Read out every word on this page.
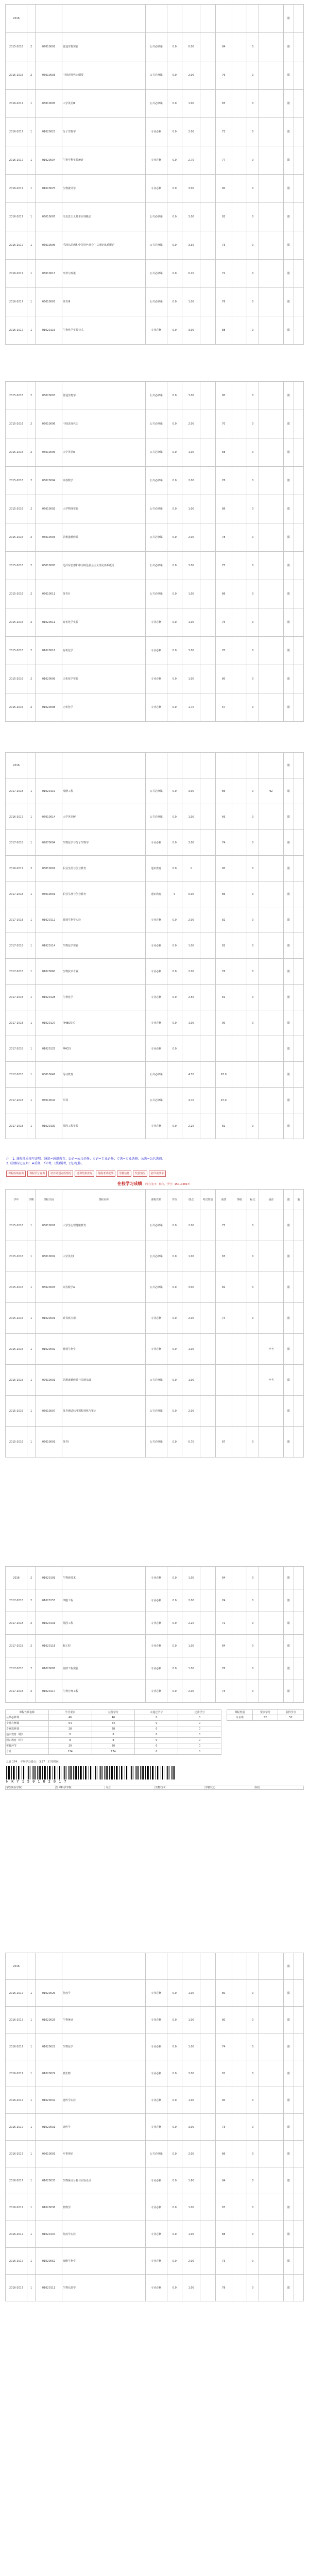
2016												限	
2015-2016	2	07010002	普通生物实验	公共必修课	0.0	0.00		84		0		限	
2015-2016	2	06010003	中国近现代史纲要	公共必修课	0.0	2.00		76		0		限	
2016-2017	1	06010005	大学英语III	公共必修课	0.0	1.00		83		0		限	
2016-2017	1	01020023	分子生物学	专业必修	0.0	2.00		72		0		限	
2016-2017	1	01020034	生物学科实验统计	专业必修	0.0	2.70		77		0		限	
2016-2017	1	01020025	生物统计学	专业必修	0.0	3.00		80		0		限	
2016-2017	1	06010007	马克思主义基本原理概论	公共必修课	0.0	3.00		82		0		限	
2016-2017	1	06010006	毛泽东思想和中国特色社会主义理论体系概论	公共必修课	0.0	3.30		73		0		限	
2016-2017	1	06010013	形势与政策	公共必修课	0.0	0.20		72		0		限	
2016-2017	1	06010003	体育III	公共必修课	0.0	1.00		76		0		限	
2016-2017	1	01020116	生物化学实验技术	专业必修	0.0	3.00		88		0		限	
2015-2016	2	06020003	普通生物学	公共必修课	0.0	3.00		80		0		限	
2015-2016	2	06010006	中国近现代史	公共必修课	0.0	2.00		70		0		限	
2015-2016	2	06010005	大学英语II	公共必修课	0.0	1.00		68		0		限	
2015-2016	2	06020004	高等数学	公共必修课	0.0	2.00		76		0		限	
2015-2016	2	06010002	大学物理实验	公共必修课	0.0	1.00		86		0		限	
2015-2016	2	06010003	思想道德修养	公共必修课	0.0	2.00		78		0		限	
2015-2016	2	06010005	毛泽东思想和中国特色社会主义理论体系概论	公共必修课	0.0	3.00		75		0		限	
2015-2016	2	06010011	体育II	公共必修课	0.0	1.00		86		0		限	
2015-2016	2	01020011	有机化学实验	专业必修	0.0	1.00		75		0		限	
2015-2016	2	01020016	有机化学	专业必修	0.0	3.00		70		0		限	
2015-2016	2	01020009	无机化学实验	专业必修	0.0	1.00		80		0		限	
2015-2016	2	01020008	无机化学	专业必修	0.0	1.70		67		0		限	
2016												限	
2017-2018	1	01020119	发酵工程	公共必修课	0.0	3.00		86		0	92	限	
2016-2017	1	06010014	大学英语IV	公共必修课	0.0	1.00		66		0		限	
2017-2018	1	07070004	生物化学与分子生物学	专业必修	0.0	2.00		74		0		限	
2016-2017	2	08010001	职业生涯与创业教育	通识教育	0.0	1		80		0		限	
2017-2018	1	08010001	职业生涯与创业教育	通识教育	0	0.00		86		0		限	
2017-2018	1	01020112	普通生物学实验	专业必修	0.0	2.00		82		0		限	
2017-2018	1	01020114	生物化学实验	专业必修	0.0	1.00		82		0		限	
2017-2018	1	01020060	生物技术专业	专业必修	0.0	2.00		76		0		限	
2017-2018	1	01020128	生物化学	专业必修	0.0	2.50		81		0		限	
2017-2018	1	01020127	PMBS技术	专业必修	0.0	1.00		90		0		限	
2017-2018	1	01020125	PMC技	专业必修	0.0							限	
2017-2018	1	08010041	劳动教育	公共必修课		4.70		97.0				限	
2017-2018	1	08010044	军训	公共必修课		4.70		97.0				限	
2017-2018	1	01020130	基因工程实验	专业必修	0.0	2.20		82		0		限	
注：1. 课程性质缩写说明：通识=通识教育；公必=公共必修；专必=专业必修；专选=专业选修；公选=公共选修。
2. 成绩标记说明：#重修，*补考，(缓)缓考，(免)免修。
课程成绩查询	课程学分查询	培养计划完成情况	选课结果查询	等级考试成绩	学籍信息	奖惩情况	打印成绩单
在校学习成绩 （学生签字：韩伟，学号：150102017）
学年	学期	课程代码	课程名称	课程性质	学分	绩点	考试性质	成绩	等级	标记	备注	限	重
2015-2016	1	06010001	大学生心理健康教育	公共必修课	0.0	2.00		75		0		限	
2015-2016	1	06010002	大学英语I	公共必修课	0.0	1.00		83		0		限	
2015-2016	1	06020003	高等数学A	公共必修课	0.0	3.00		82		0		限	
2015-2016	1	01020001	计算机应用	专业必修	0.0	2.00		74		0		限	
2015-2016	1	01020002	普通生物学	专业必修	0.0	1.00					补考	限	
2015-2016	1	07010001	思想道德修养与法律基础	公共必修课	0.0	1.00					补考	限	
2015-2016	1	06010007	体育测试标准课程训练与鉴定	公共必修课	0.0	2.00						限	
2015-2016	1	06010001	体育I	公共必修课	0.0	0.70		87		0		限	
2016	2	01020191	生物新技术	专业必修	0.0	1.00		84		0		限	
2017-2018	2	01020153	细胞工程	专业必修	0.0	2.00		74		0		限	
2017-2018	2	01020131	基因工程	专业必修	0.0	2.20		72		0		限	
2017-2018	2	01020118	酶工程	专业必修	0.0	1.00		84		0		限	
2017-2018	2	01020097	发酵工程实验	专业必修	0.0	1.00		76		0		限	
2017-2018	2	01020117	生物分离工程	专业必修	0.0	2.00		73		0		限	
课程性质名称	学分要求	获得学分	未通过学分	还需学分
公共必修课	46	46	0	0
专业必修课	64	64	0	0
专业选修课	28	28	0	0
通识教育（限）	8	8	0	0
通识教育（任）	8	8	0	0
实践环节	20	20	0	0
合计	174	174	0	0
课程类别	要求学分	获得学分
专业课	52	52
总计 174 平均学分绩点： 3.27 打印时间：
HKY150102017
学生所在学院	生命科学学院	专业	生物技术	学籍状态	在校
2016												限	
2016-2017	1	01020026	免疫学	专业必修	0.0	1.00		80		0		限	
2016-2017	1	01020025	生物统计	专业必修	0.0	1.00		80		0		限	
2016-2017	1	01020022	生物化学	专业必修	0.0	1.00		74		0		限	
2016-2017	1	01020029	微生物	专业必修	0.0	3.00		81		0		限	
2016-2017	1	01020032	遗传学实验	专业必修	0.0	1.00		90		0		限	
2016-2017	1	01020031	遗传学	专业必修	0.0	3.00		73		0		限	
2016-2017	1	08010001	军事理论	公共必修课	0.0	2.00		86		0		限	
2016-2017	1	01020033	生物统计分析与实验设计	专业必修	0.0	1.60		84		0		限	
2016-2017	1	01020036	植物学	专业必修	0.0	1.00		87		0		限	
2016-2017	1	01020137	免疫学实验	专业必修	0.0	1.00		88		0		限	
2016-2017	1	01020052	细胞生物学	专业必修	0.0	2.00		73		0		限	
2016-2017	1	01020111	生物信息学	专业必修	0.0	1.00		78		0		限	
